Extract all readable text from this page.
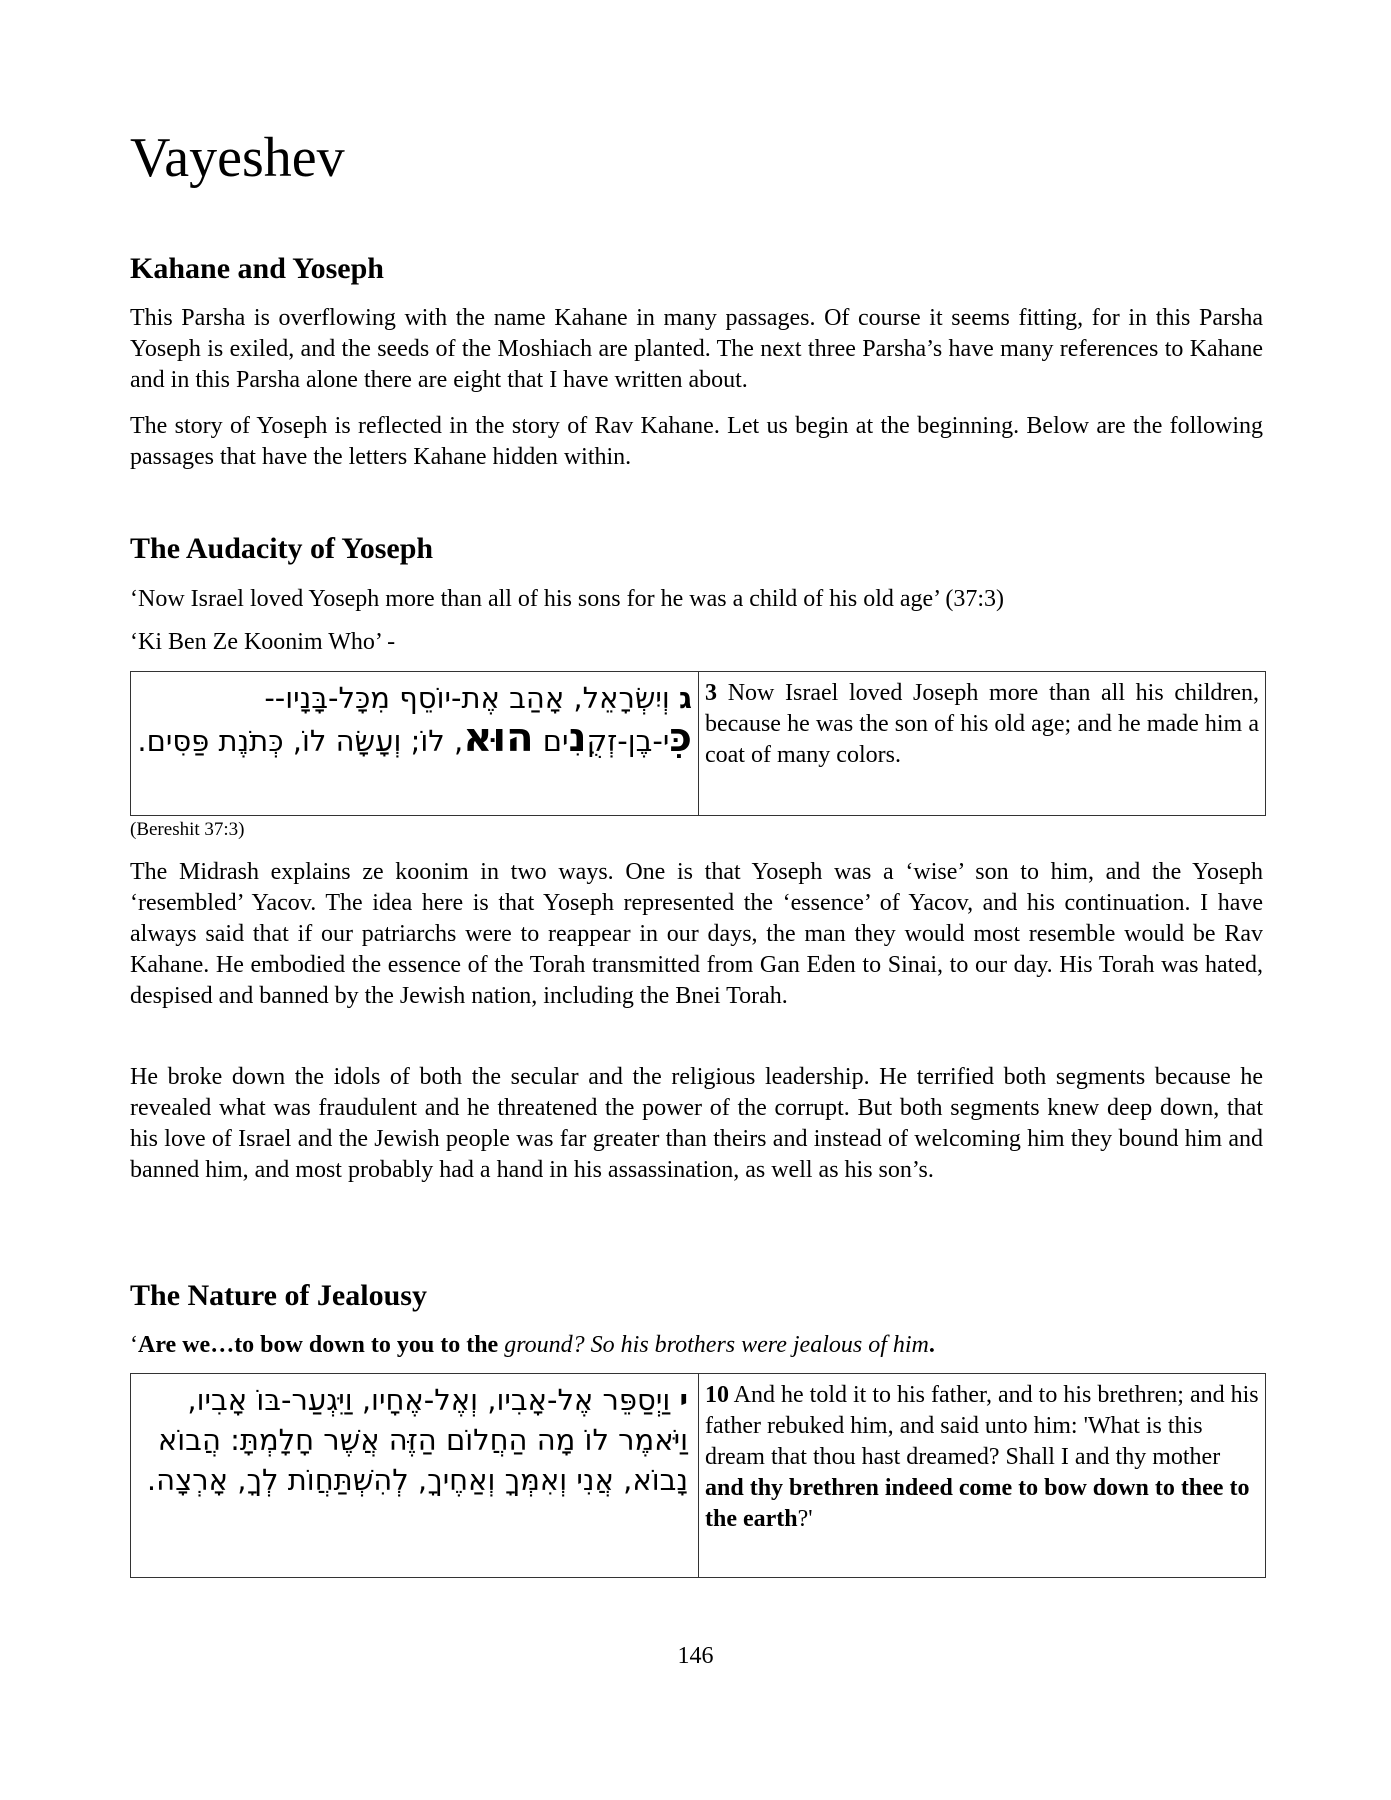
Vayeshev
Kahane and Yoseph

This Parsha is overflowing with the name Kahane in many passages. Of course it seems fitting, for in this Parsha Yoseph is exiled, and the seeds of the Moshiach are planted. The next three Parsha’s have many references to Kahane and in this Parsha alone there are eight that I have written about.

The story of Yoseph is reflected in the story of Rav Kahane. Let us begin at the beginning. Below are the following passages that have the letters Kahane hidden within.

The Audacity of Yoseph

‘Now Israel loved Yoseph more than all of his sons for he was a child of his old age’ (37:3)

‘Ki Ben Ze Koonim Who’ -

ג וְיִשְׂרָאֵל, אָהַב אֶת-יוֹסֵף מִכָּל-בָּנָיו--כִּי-בֶן-זְקֻנִים הוּא, לוֹ; וְעָשָׂה לוֹ, כְּתֹנֶת פַּסִּים.	3 Now Israel loved Joseph more than all his children, because he was the son of his old age; and he made him a coat of many colors.

(Bereshit 37:3)

The Midrash explains ze koonim in two ways. One is that Yoseph was a ‘wise’ son to him, and the Yoseph ‘resembled’ Yacov. The idea here is that Yoseph represented the ‘essence’ of Yacov, and his continuation. I have always said that if our patriarchs were to reappear in our days, the man they would most resemble would be Rav Kahane. He embodied the essence of the Torah transmitted from Gan Eden to Sinai, to our day. His Torah was hated, despised and banned by the Jewish nation, including the Bnei Torah.

He broke down the idols of both the secular and the religious leadership. He terrified both segments because he revealed what was fraudulent and he threatened the power of the corrupt. But both segments knew deep down, that his love of Israel and the Jewish people was far greater than theirs and instead of welcoming him they bound him and banned him, and most probably had a hand in his assassination, as well as his son’s.

The Nature of Jealousy

‘Are we…to bow down to you to the ground? So his brothers were jealous of him.

י וַיְסַפֵּר אֶל-אָבִיו, וְאֶל-אֶחָיו, וַיִּגְעַר-בּוֹ אָבִיו, וַיֹּאמֶר לוֹ מָה הַחֲלוֹם הַזֶּה אֲשֶׁר חָלָמְתָּ: הֲבוֹא נָבוֹא, אֲנִי וְאִמְּךָ וְאַחֶיךָ, לְהִשְׁתַּחֲוֺת לְךָ, אָרְצָה.	10 And he told it to his father, and to his brethren; and his father rebuked him, and said unto him: 'What is this dream that thou hast dreamed? Shall I and thy mother and thy brethren indeed come to bow down to thee to the earth?'
146
